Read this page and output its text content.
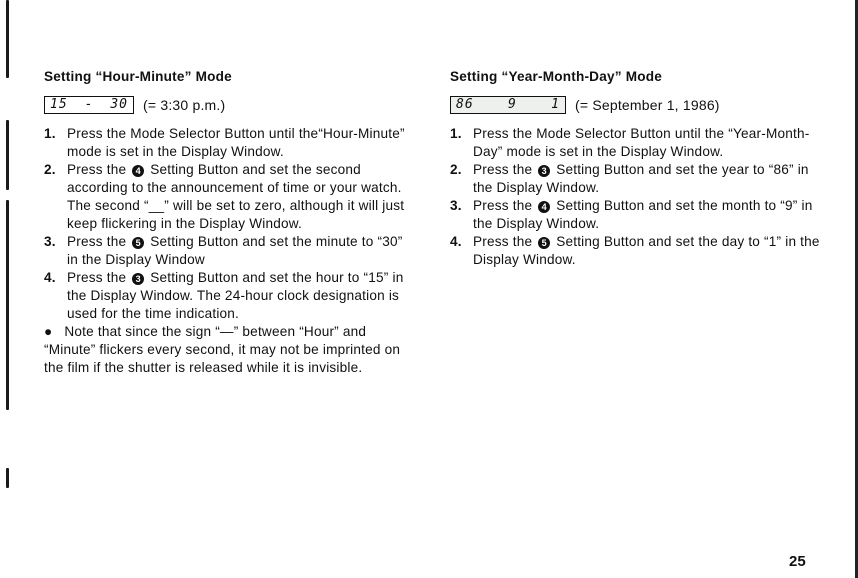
Setting “Hour-Minute” Mode
15 - 30 (= 3:30 p.m.)
1. Press the Mode Selector Button until the“Hour-Minute” mode is set in the Display Window.
2. Press the 4 Setting Button and set the second according to the announcement of time or your watch. The second “__” will be set to zero, although it will just keep flickering in the Display Window.
3. Press the 5 Setting Button and set the minute to “30” in the Display Window
4. Press the 3 Setting Button and set the hour to “15” in the Display Window. The 24-hour clock designation is used for the time indication.

● Note that since the sign “—” between “Hour” and “Minute” flickers every second, it may not be imprinted on the film if the shutter is released while it is invisible.

Setting “Year-Month-Day” Mode
86	9	1 (= September 1, 1986)
1. Press the Mode Selector Button until the “Year-Month-Day” mode is set in the Display Window.
2. Press the 3 Setting Button and set the year to “86” in the Display Window.
3. Press the 4 Setting Button and set the month to “9” in the Display Window.
4. Press the 5 Setting Button and set the day to “1” in the Display Window.
25
